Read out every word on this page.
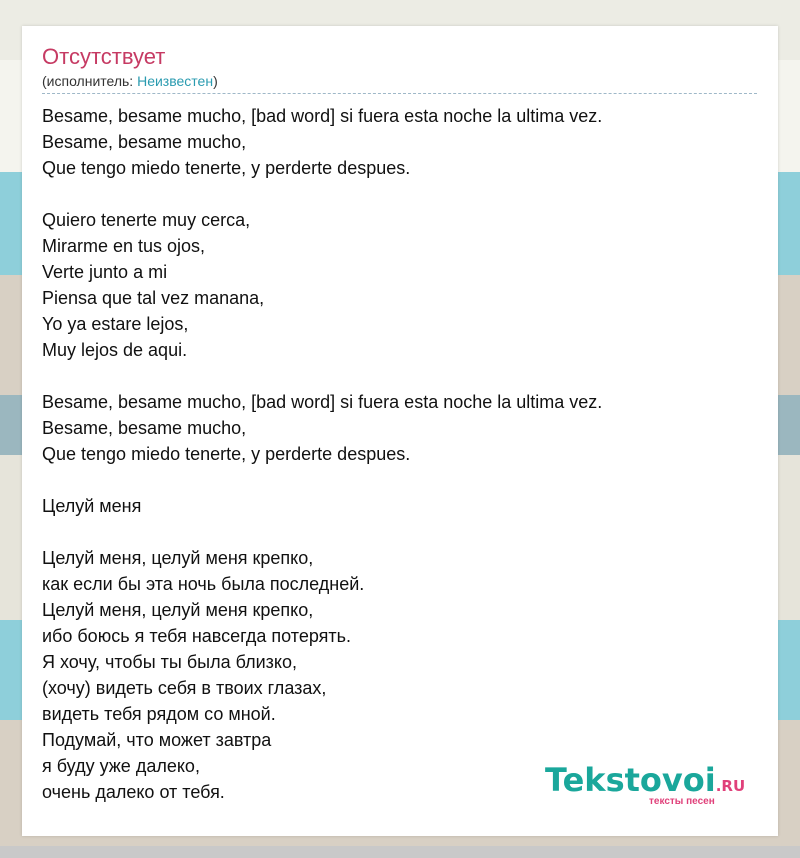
Отсутствует
(исполнитель: Неизвестен)
Besame, besame mucho, [bad word] si fuera esta noche la ultima vez.
Besame, besame mucho,
Que tengo miedo tenerte, y perderte despues.
Quiero tenerte muy cerca,
Mirarme en tus ojos,
Verte junto a mi
Piensa que tal vez manana,
Yo ya estare lejos,
Muy lejos de aqui.
Besame, besame mucho, [bad word] si fuera esta noche la ultima vez.
Besame, besame mucho,
Que tengo miedo tenerte, y perderte despues.
Целуй меня
Целуй меня, целуй меня крепко,
как если бы эта ночь была последней.
Целуй меня, целуй меня крепко,
ибо боюсь я тебя навсегда потерять.
Я хочу, чтобы ты была близко,
(хочу) видеть себя в твоих глазах,
видеть тебя рядом со мной.
Подумай, что может завтра
я буду уже далеко,
очень далеко от тебя.	Tekstovoi.RU
тексты песен
